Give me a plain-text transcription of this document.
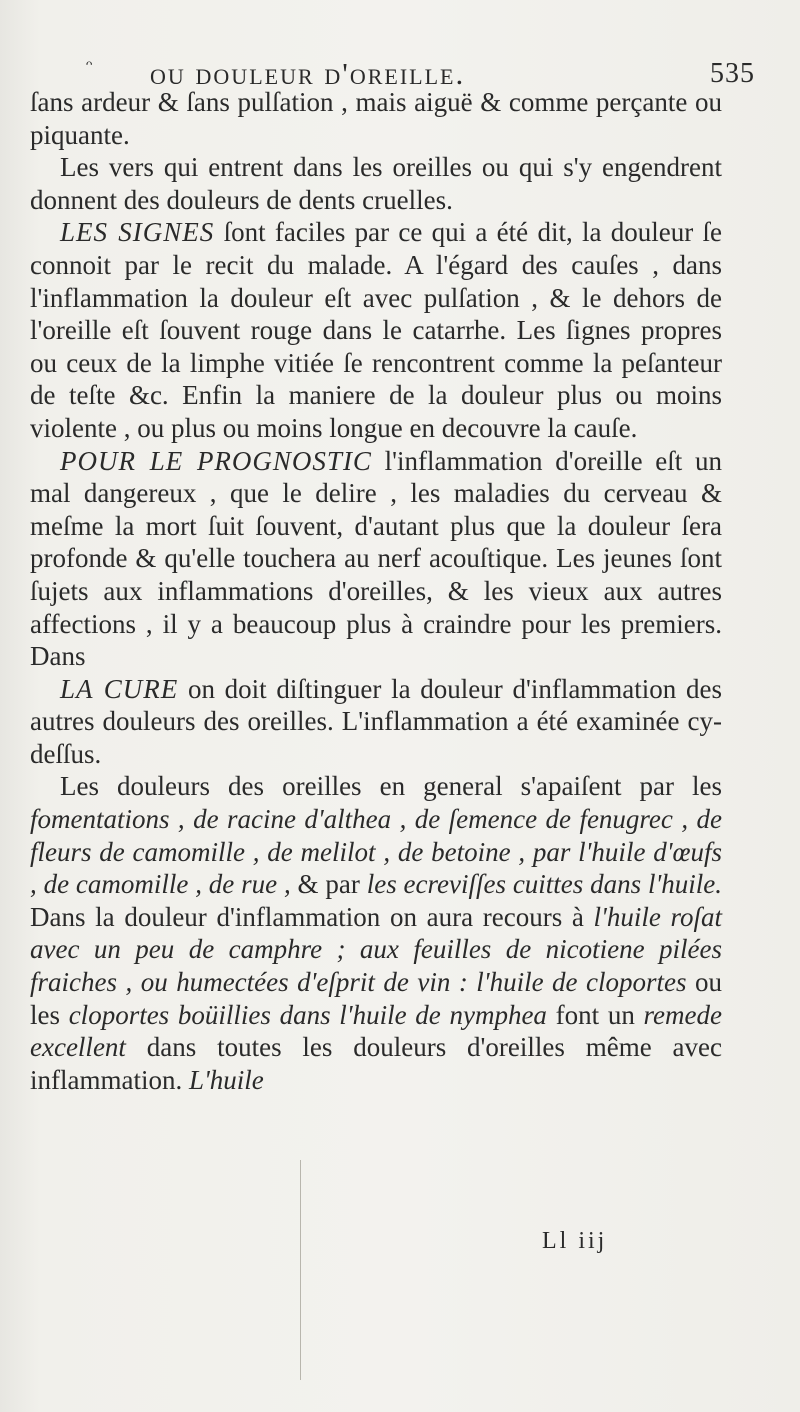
ᵔ ou douleur d'oreille.	535

ſans ardeur & ſans pulſation , mais aiguë & comme perçante ou piquante.

Les vers qui entrent dans les oreilles ou qui s'y engendrent donnent des douleurs de dents cruelles.

LES SIGNES ſont faciles par ce qui a été dit, la douleur ſe connoit par le recit du malade. A l'égard des cauſes , dans l'inflammation la douleur eſt avec pulſation , & le dehors de l'oreille eſt ſouvent rouge dans le catarrhe. Les ſignes propres ou ceux de la limphe vitiée ſe rencontrent comme la peſanteur de teſte &c. Enfin la maniere de la douleur plus ou moins violente , ou plus ou moins longue en decouvre la cauſe.

POUR LE PROGNOSTIC l'inflammation d'oreille eſt un mal dangereux , que le delire , les maladies du cerveau & meſme la mort ſuit ſouvent, d'autant plus que la douleur ſera profonde & qu'elle touchera au nerf acouſtique. Les jeunes ſont ſujets aux inflammations d'oreilles, & les vieux aux autres affections , il y a beaucoup plus à craindre pour les premiers. Dans

LA CURE on doit diſtinguer la douleur d'inflammation des autres douleurs des oreilles. L'inflammation a été examinée cy-deſſus.

Les douleurs des oreilles en general s'apaiſent par les fomentations , de racine d'althea , de ſemence de fenugrec , de fleurs de camomille , de melilot , de betoine , par l'huile d'œufs , de camomille , de rue , & par les ecreviſſes cuittes dans l'huile. Dans la douleur d'inflammation on aura recours à l'huile roſat avec un peu de camphre ; aux feuilles de nicotiene pilées fraiches , ou humectées d'eſprit de vin : l'huile de cloportes ou les cloportes boüillies dans l'huile de nymphea font un remede excellent dans toutes les douleurs d'oreilles même avec inflammation. L'huile

Ll iij
